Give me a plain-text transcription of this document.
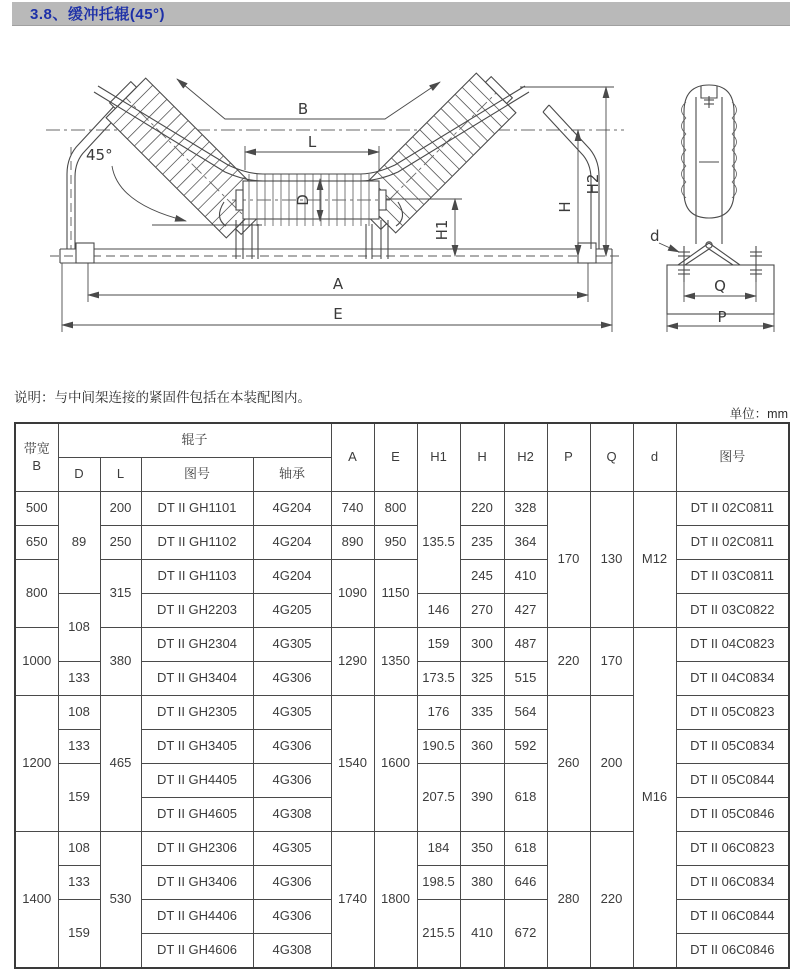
3.8、缓冲托辊(45°)
B
L
D
45°
H1
H
H2
A
E
d
Q
P
说明：与中间架连接的紧固件包括在本装配图内。
单位：mm
带宽
B	辊子				A	E	H1	H	H2	P	Q	d	图号
	D	L	图号	轴承									
500	89	200	DT II GH1101	4G204	740	800	135.5	220	328	170	130	M12	DT II 02C0811
650		250	DT II GH1102	4G204	890	950		235	364				DT II 02C0811
800		315	DT II GH1103	4G204	1090	1150		245	410				DT II 03C0811
	108		DT II GH2203	4G205			146	270	427				DT II 03C0822
1000		380	DT II GH2304	4G305	1290	1350	159	300	487	220	170	M16	DT II 04C0823
	133		DT II GH3404	4G306			173.5	325	515				DT II 04C0834
1200	108	465	DT II GH2305	4G305	1540	1600	176	335	564	260	200		DT II 05C0823
	133		DT II GH3405	4G306			190.5	360	592				DT II 05C0834
	159		DT II GH4405	4G306			207.5	390	618				DT II 05C0844
			DT II GH4605	4G308									DT II 05C0846
1400	108	530	DT II GH2306	4G305	1740	1800	184	350	618	280	220		DT II 06C0823
	133		DT II GH3406	4G306			198.5	380	646				DT II 06C0834
	159		DT II GH4406	4G306			215.5	410	672				DT II 06C0844
			DT II GH4606	4G308									DT II 06C0846
